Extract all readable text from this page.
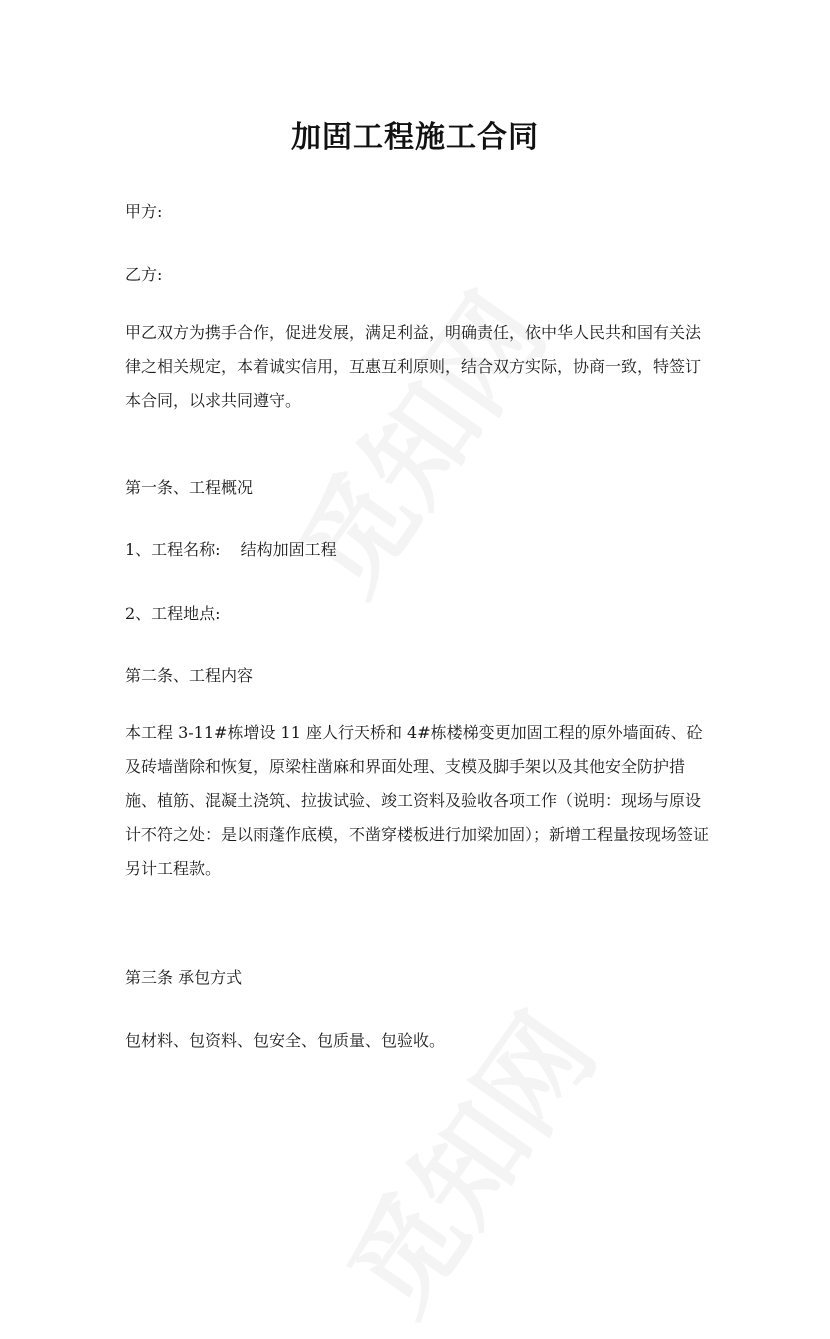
加固工程施工合同
甲方:
乙方:
甲乙双方为携手合作，促进发展，满足利益，明确责任，依中华人民共和国有关法律之相关规定，本着诚实信用，互惠互利原则，结合双方实际，协商一致，特签订本合同，以求共同遵守。
第一条、工程概况
1、工程名称: 结构加固工程
2、工程地点:
第二条、工程内容
本工程 3-11#栋增设 11 座人行天桥和 4#栋楼梯变更加固工程的原外墙面砖、砼及砖墙凿除和恢复，原梁柱凿麻和界面处理、支模及脚手架以及其他安全防护措施、植筋、混凝土浇筑、拉拔试验、竣工资料及验收各项工作（说明：现场与原设计不符之处：是以雨蓬作底模，不凿穿楼板进行加梁加固）；新增工程量按现场签证另计工程款。
第三条 承包方式
包材料、包资料、包安全、包质量、包验收。
